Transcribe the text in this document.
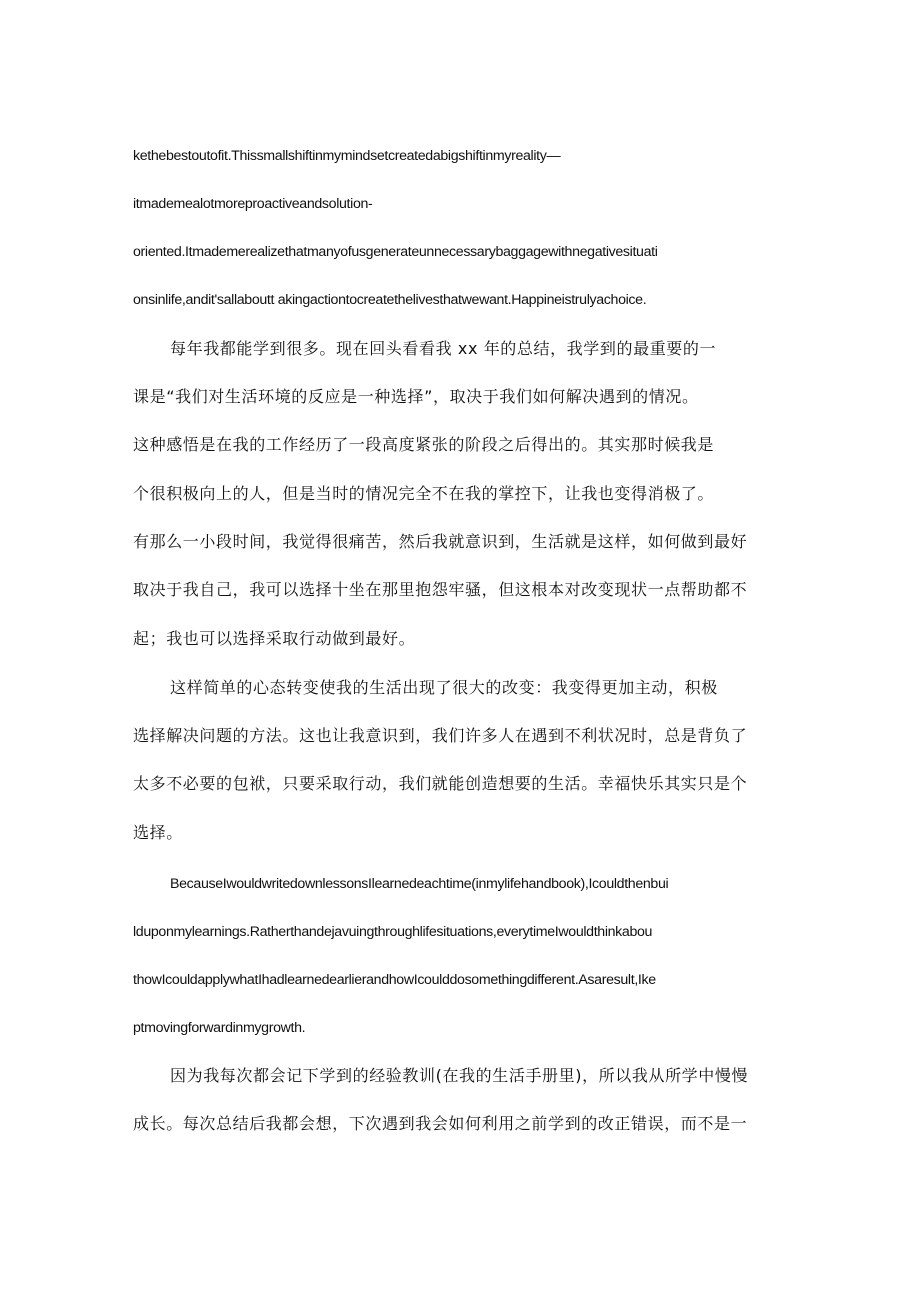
kethebestoutofit.Thissmallshiftinmymindsetcreatedabigshiftinmyreality—
itmademealotmoreproactiveandsolution-
oriented.Itmademerealizethatmanyofusgenerateunnecessarybaggagewithnegativesituati
onsinlife,andit'sallaboutt akingactiontocreatethelivesthatwewant.Happineistrulyachoice.
每年我都能学到很多。现在回头看看我 xx 年的总结，我学到的最重要的一
课是“我们对生活环境的反应是一种选择”，取决于我们如何解决遇到的情况。
这种感悟是在我的工作经历了一段高度紧张的阶段之后得出的。其实那时候我是
个很积极向上的人，但是当时的情况完全不在我的掌控下，让我也变得消极了。
有那么一小段时间，我觉得很痛苦，然后我就意识到，生活就是这样，如何做到最好
取决于我自己，我可以选择十坐在那里抱怨牢骚，但这根本对改变现状一点帮助都不
起；我也可以选择采取行动做到最好。
这样简单的心态转变使我的生活出现了很大的改变：我变得更加主动，积极
选择解决问题的方法。这也让我意识到，我们许多人在遇到不利状况时，总是背负了
太多不必要的包袱，只要采取行动，我们就能创造想要的生活。幸福快乐其实只是个
选择。
BecauseIwouldwritedownlessonsIlearnedeachtime(inmylifehandbook),Icouldthenbui
lduponmylearnings.Ratherthandejavuingthroughlifesituations,everytimeIwouldthinkabou
thowIcouldapplywhatIhadlearnedearlierandhowIcoulddosomethingdifferent.Asaresult,Ike
ptmovingforwardinmygrowth.
因为我每次都会记下学到的经验教训(在我的生活手册里)，所以我从所学中慢慢
成长。每次总结后我都会想，下次遇到我会如何利用之前学到的改正错误，而不是一
